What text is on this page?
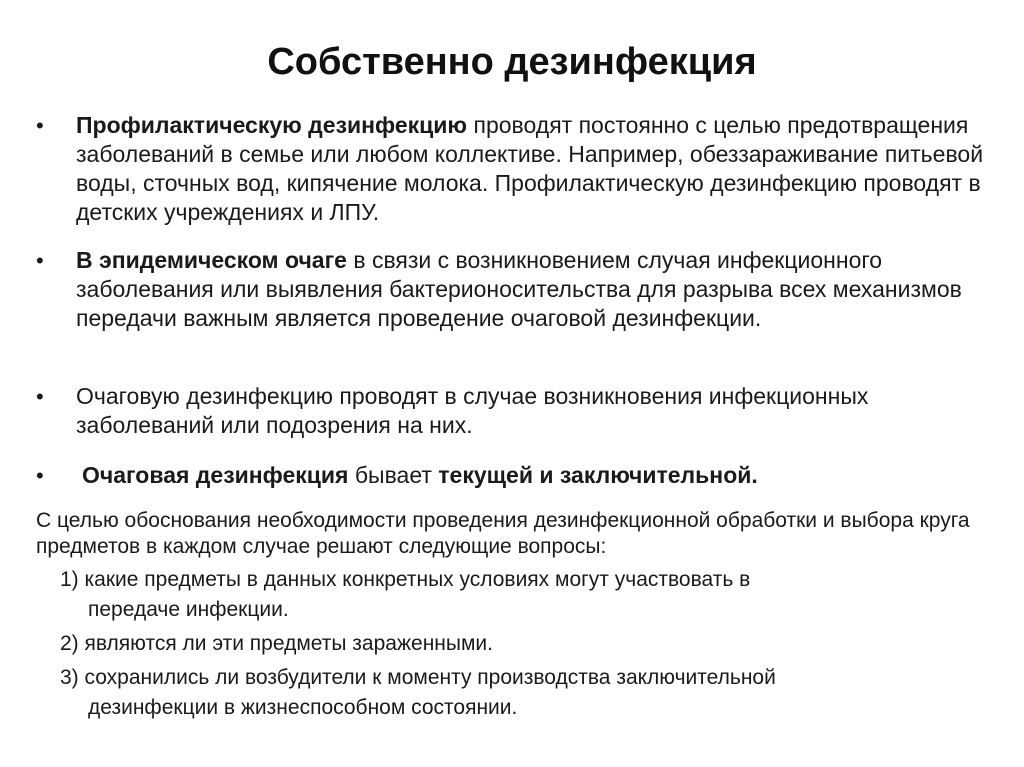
Собственно дезинфекция
•	Профилактическую дезинфекцию проводят постоянно с целью предотвращения заболеваний в семье или любом коллективе. Например, обеззараживание питьевой воды, сточных вод, кипячение молока. Профилактическую дезинфекцию проводят в детских учреждениях и ЛПУ.
•	В эпидемическом очаге в связи с возникновением случая инфекционного заболевания или выявления бактерионосительства для разрыва всех механизмов передачи важным является проведение очаговой дезинфекции.
•	Очаговую дезинфекцию проводят в случае возникновения инфекционных заболеваний или подозрения на них.
•	Очаговая дезинфекция бывает текущей и заключительной.
С целью обоснования необходимости проведения дезинфекционной обработки и выбора круга предметов в каждом случае решают следующие вопросы:
1) какие предметы в данных конкретных условиях могут участвовать в
передаче инфекции.
2) являются ли эти предметы зараженными.
3) сохранились ли возбудители к моменту производства заключительной
дезинфекции в жизнеспособном состоянии.
